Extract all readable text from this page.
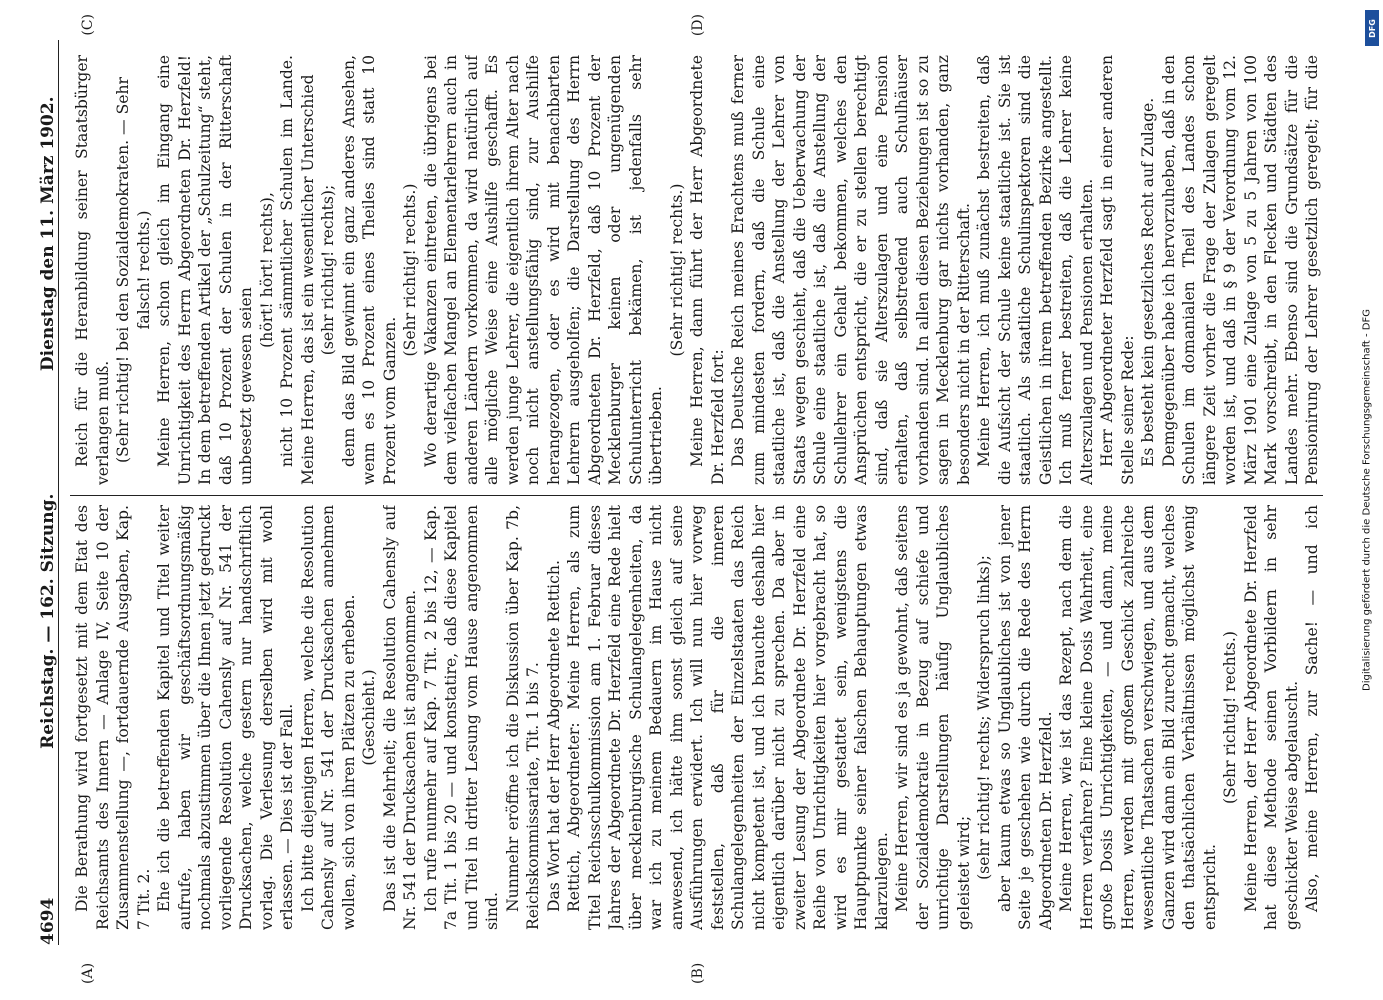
4694
Reichstag. — 162. Sitzung.
Dienstag den 11. März 1902.
(A)	(B)
(C)	(D)

Die Berathung wird fortgesetzt mit dem Etat des Reichsamts des Innern — Anlage IV, Seite 10 der Zusammenstellung —, fortdauernde Ausgaben, Kap. 7 Tit. 2. Ehe ich die betreffenden Kapitel und Titel weiter aufrufe, haben wir geschäftsordnungsmäßig nochmals abzustimmen über die Ihnen jetzt gedruckt vorliegende Resolution Cahensly auf Nr. 541 der Drucksachen, welche gestern nur handschriftlich vorlag. Die Verlesung derselben wird mit wohl erlassen. — Dies ist der Fall. Ich bitte diejenigen Herren, welche die Resolution Cahensly auf Nr. 541 der Drucksachen annehmen wollen, sich von ihren Plätzen zu erheben. (Geschieht.) Das ist die Mehrheit; die Resolution Cahensly auf Nr. 541 der Drucksachen ist angenommen. Ich rufe nunmehr auf Kap. 7 Tit. 2 bis 12, — Kap. 7a Tit. 1 bis 20 — und konstatire, daß diese Kapitel und Titel in dritter Lesung vom Hause angenommen sind. Nunmehr eröffne ich die Diskussion über Kap. 7b, Reichskommissariate, Tit. 1 bis 7. Das Wort hat der Herr Abgeordnete Rettich. Rettich, Abgeordneter: Meine Herren, als zum Titel Reichsschulkommission am 1. Februar dieses Jahres der Abgeordnete Dr. Herzfeld eine Rede hielt über mecklenburgische Schulangelegenheiten, da war ich zu meinem Bedauern im Hause nicht anwesend, ich hätte ihm sonst gleich auf seine Ausführungen erwidert. Ich will nun hier vorweg feststellen, daß für die inneren Schulangelegenheiten der Einzelstaaten das Reich nicht kompetent ist, und ich brauchte deshalb hier eigentlich darüber nicht zu sprechen. Da aber in zweiter Lesung der Abgeordnete Dr. Herzfeld eine Reihe von Unrichtigkeiten hier vorgebracht hat, so wird es mir gestattet sein, wenigstens die Hauptpunkte seiner falschen Behauptungen etwas klarzulegen. Meine Herren, wir sind es ja gewohnt, daß seitens der Sozialdemokratie in Bezug auf schiefe und unrichtige Darstellungen häufig Unglaubliches geleistet wird; (sehr richtig! rechts; Widerspruch links); aber kaum etwas so Unglaubliches ist von jener Seite je geschehen wie durch die Rede des Herrn Abgeordneten Dr. Herzfeld. Meine Herren, wie ist das Rezept, nach dem die Herren verfahren? Eine kleine Dosis Wahrheit, eine große Dosis Unrichtigkeiten, — und dann, meine Herren, werden mit großem Geschick zahlreiche wesentliche Thatsachen verschwiegen, und aus dem Ganzen wird dann ein Bild zurecht gemacht, welches den thatsächlichen Verhältnissen möglichst wenig entspricht.

(Sehr richtig! rechts.) Meine Herren, der Herr Abgeordnete Dr. Herzfeld hat diese Methode seinen Vorbildern in sehr geschickter Weise abgelauscht. Also, meine Herren, zur Sache! — und ich

Reich für die Heranbildung seiner Staatsbürger verlangen muß. (Sehr richtig! bei den Sozialdemokraten. — Sehr falsch! rechts.) Meine Herren, schon gleich im Eingang eine Unrichtigkeit des Herrn Abgeordneten Dr. Herzfeld! In dem betreffenden Artikel der „Schulzeitung“ steht, daß 10 Prozent der Schulen in der Ritterschaft unbesetzt gewesen seien

(hört! hört! rechts), nicht 10 Prozent sämmtlicher Schulen im Lande. Meine Herren, das ist ein wesentlicher Unterschied (sehr richtig! rechts); denn das Bild gewinnt ein ganz anderes Ansehen, wenn es 10 Prozent eines Theiles sind statt 10 Prozent vom Ganzen.

(Sehr richtig! rechts.) Wo derartige Vakanzen eintreten, die übrigens bei dem vielfachen Mangel an Elementarlehrern auch in anderen Ländern vorkommen, da wird natürlich auf alle mögliche Weise eine Aushilfe geschafft. Es werden junge Lehrer, die eigentlich ihrem Alter nach noch nicht anstellungsfähig sind, zur Aushilfe herangezogen, oder es wird mit benachbarten Lehrern ausgeholfen; die Darstellung des Herrn Abgeordneten Dr. Herzfeld, daß 10 Prozent der Mecklenburger keinen oder ungenügenden Schulunterricht bekämen, ist jedenfalls sehr übertrieben.

(Sehr richtig! rechts.) Meine Herren, dann führt der Herr Abgeordnete Dr. Herzfeld fort: Das Deutsche Reich meines Erachtens muß ferner zum mindesten fordern, daß die Schule eine staatliche ist, daß die Anstellung der Lehrer von Staats wegen geschieht, daß die Ueberwachung der Schule eine staatliche ist, daß die Anstellung der Schullehrer ein Gehalt bekommen, welches den Ansprüchen entspricht, die er zu stellen berechtigt sind, daß sie Alterszulagen und eine Pension erhalten, daß selbstredend auch Schulhäuser vorhanden sind. In allen diesen Beziehungen ist so zu sagen in Mecklenburg gar nichts vorhanden, ganz besonders nicht in der Ritterschaft. Meine Herren, ich muß zunächst bestreiten, daß die Aufsicht der Schule keine staatliche ist. Sie ist staatlich. Als staatliche Schulinspektoren sind die Geistlichen in ihrem betreffenden Bezirke angestellt. Ich muß ferner bestreiten, daß die Lehrer keine Alterszulagen und Pensionen erhalten. Herr Abgeordneter Herzfeld sagt in einer anderen Stelle seiner Rede: Es besteht kein gesetzliches Recht auf Zulage. Demgegenüber habe ich hervorzuheben, daß in den Schulen im domanialen Theil des Landes schon längere Zeit vorher die Frage der Zulagen geregelt worden ist, und daß in § 9 der Verordnung vom 12. März 1901 eine Zulage von 5 zu 5 Jahren von 100 Mark vorschreibt, in den Flecken und Städten des Landes mehr. Ebenso sind die Grundsätze für die Pensionirung der Lehrer gesetzlich geregelt; für die

Digitalisierung gefördert durch die Deutsche Forschungsgemeinschaft - DFG
DFG
